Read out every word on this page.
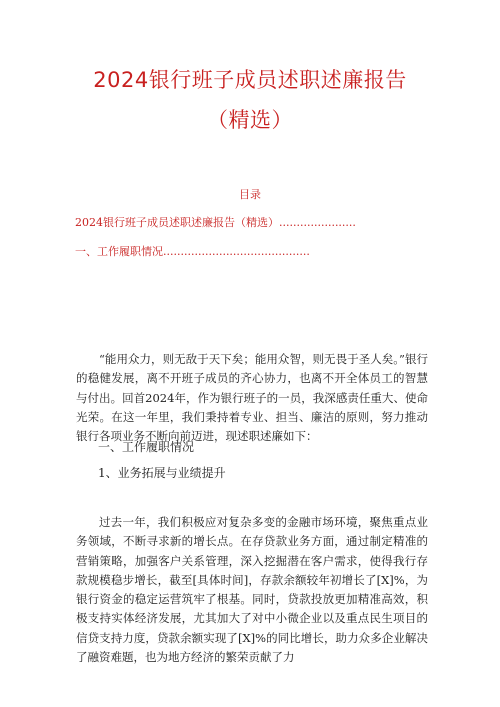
2024银行班子成员述职述廉报告
（精选）
目录
2024银行班子成员述职述廉报告（精选）......................
一、工作履职情况..........................................

“能用众力，则无敌于天下矣；能用众智，则无畏于圣人矣。”银行的稳健发展，离不开班子成员的齐心协力，也离不开全体员工的智慧与付出。回首2024年，作为银行班子的一员，我深感责任重大、使命光荣。在这一年里，我们秉持着专业、担当、廉洁的原则，努力推动银行各项业务不断向前迈进，现述职述廉如下：

一、工作履职情况
1、业务拓展与业绩提升

过去一年，我们积极应对复杂多变的金融市场环境，聚焦重点业务领域，不断寻求新的增长点。在存贷款业务方面，通过制定精准的营销策略，加强客户关系管理，深入挖掘潜在客户需求，使得我行存款规模稳步增长，截至[具体时间]，存款余额较年初增长了[X]%，为银行资金的稳定运营筑牢了根基。同时，贷款投放更加精准高效，积极支持实体经济发展，尤其加大了对中小微企业以及重点民生项目的信贷支持力度，贷款余额实现了[X]%的同比增长，助力众多企业解决了融资难题，也为地方经济的繁荣贡献了力
